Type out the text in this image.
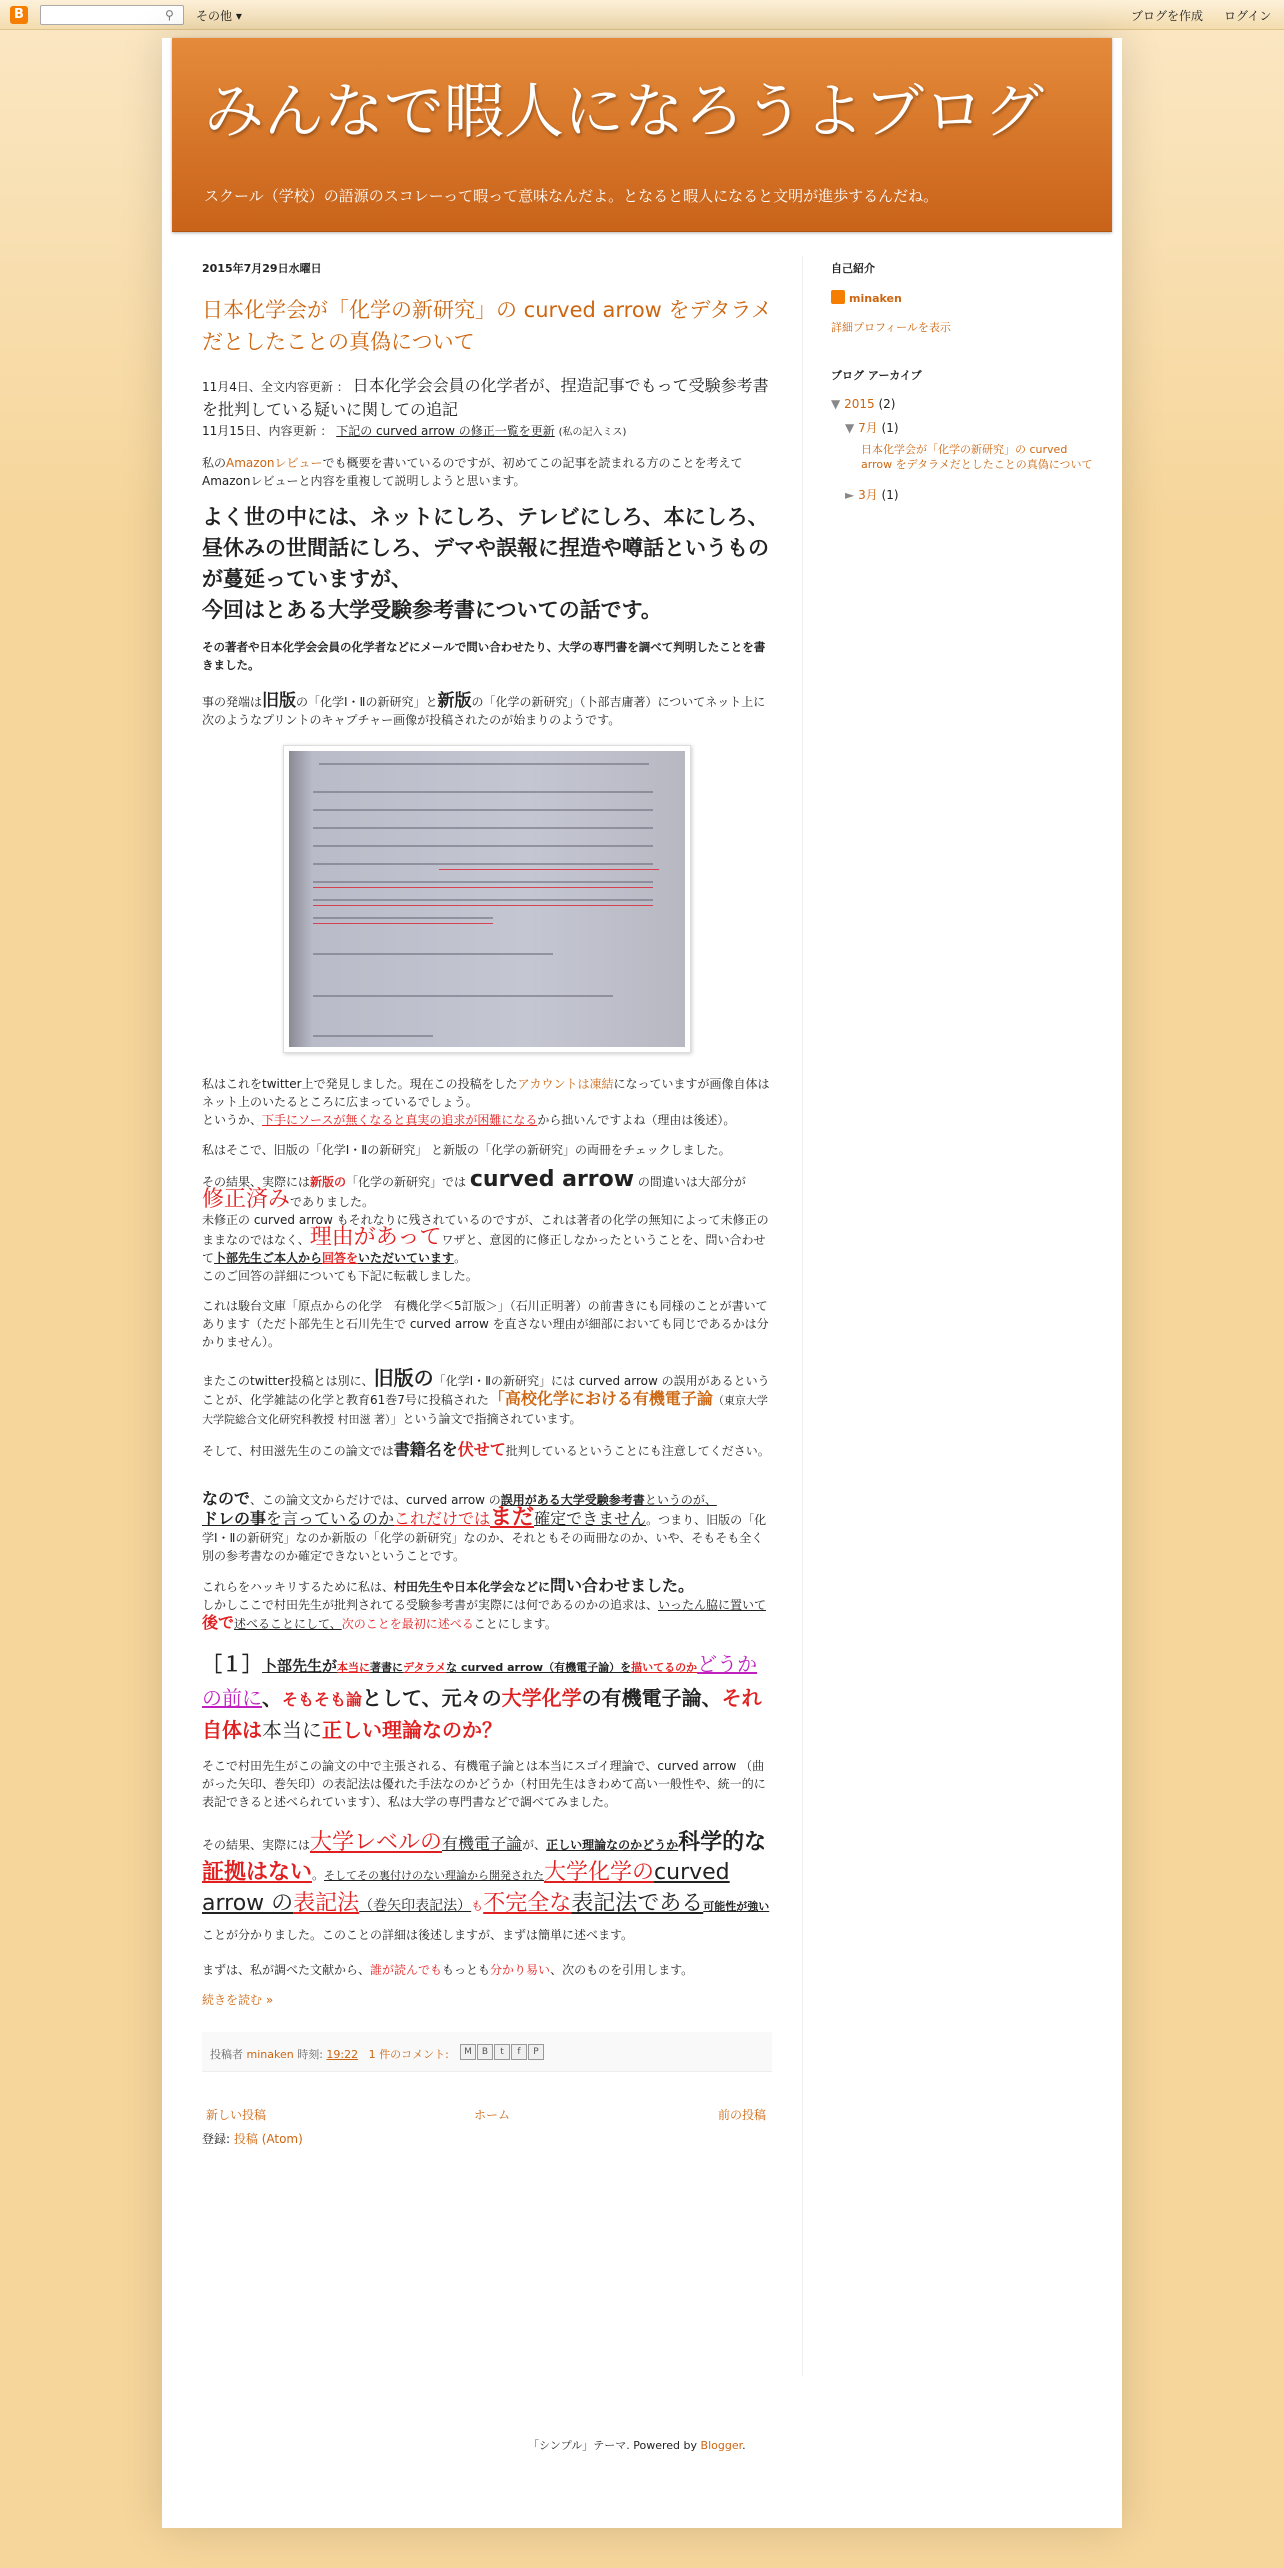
B	⚲	その他 ▾	ブログを作成 ログイン
みんなで暇人になろうよブログ
スクール（学校）の語源のスコレーって暇って意味なんだよ。となると暇人になると文明が進歩するんだね。
2015年7月29日水曜日
日本化学会が「化学の新研究」の curved arrow をデタラメだとしたことの真偽について
11月4日、全文内容更新 ： 日本化学会会員の化学者が、捏造記事でもって受験参考書を批判している疑いに関しての追記
11月15日、内容更新 ： 下記の curved arrow の修正一覧を更新 (私の記入ミス)

私のAmazonレビューでも概要を書いているのですが、初めてこの記事を読まれる方のことを考えてAmazonレビューと内容を重複して説明しようと思います。

よく世の中には、ネットにしろ、テレビにしろ、本にしろ、昼休みの世間話にしろ、デマや誤報に捏造や噂話というものが蔓延っていますが、
今回はとある大学受験参考書についての話です。

その著者や日本化学会会員の化学者などにメールで問い合わせたり、大学の専門書を調べて判明したことを書きました。

事の発端は旧版の「化学Ⅰ・Ⅱの新研究」と新版の「化学の新研究」（卜部吉庸著）についてネット上に次のようなプリントのキャプチャー画像が投稿されたのが始まりのようです。

私はこれをtwitter上で発見しました。現在この投稿をしたアカウントは凍結になっていますが画像自体はネット上のいたるところに広まっているでしょう。
というか、下手にソースが無くなると真実の追求が困難になるから拙いんですよね（理由は後述）。

私はそこで、旧版の「化学Ⅰ・Ⅱの新研究」 と新版の「化学の新研究」の両冊をチェックしました。

その結果、実際には新版の「化学の新研究」では curved arrow の間違いは大部分が
修正済みでありました。
未修正の curved arrow もそれなりに残されているのですが、これは著者の化学の無知によって未修正のままなのではなく、理由があってワザと、意図的に修正しなかったということを、問い合わせて卜部先生ご本人から回答をいただいています。
このご回答の詳細についても下記に転載しました。

これは駿台文庫「原点からの化学　有機化学＜5訂版＞」（石川正明著）の前書きにも同様のことが書いてあります（ただ卜部先生と石川先生で curved arrow を直さない理由が細部においても同じであるかは分かりません）。

またこのtwitter投稿とは別に、旧版の「化学Ⅰ・Ⅱの新研究」には curved arrow の誤用があるということが、化学雑誌の化学と教育61巻7号に投稿された「高校化学における有機電子論（東京大学大学院総合文化研究科教授 村田滋 著）」という論文で指摘されています。

そして、村田滋先生のこの論文では書籍名を伏せて批判しているということにも注意してください。

なので、この論文文からだけでは、curved arrow の誤用がある大学受験参考書というのが、
ドレの事を言っているのかこれだけではまだ確定できません。つまり、旧版の「化学Ⅰ・Ⅱの新研究」なのか新版の「化学の新研究」なのか、それともその両冊なのか、いや、そもそも全く別の参考書なのか確定できないということです。

これらをハッキリするために私は、村田先生や日本化学会などに問い合わせました。
しかしここで村田先生が批判されてる受験参考書が実際には何であるのかの追求は、いったん脇に置いて後で述べることにして、次のことを最初に述べることにします。

［１］卜部先生が本当に著書にデタラメな curved arrow（有機電子論）を描いてるのかどうかの前に、そもそも論として、元々の大学化学の有機電子論、それ自体は本当に正しい理論なのか？

そこで村田先生がこの論文の中で主張される、有機電子論とは本当にスゴイ理論で、curved arrow （曲がった矢印、巻矢印）の表記法は優れた手法なのかどうか（村田先生はきわめて高い一般性や、統一的に表記できると述べられています）、私は大学の専門書などで調べてみました。

その結果、実際には大学レベルの有機電子論が、正しい理論なのかどうか科学的な証拠はない。そしてその裏付けのない理論から開発された大学化学のcurved arrow の表記法（巻矢印表記法）も不完全な表記法である可能性が強いことが分かりました。このことの詳細は後述しますが、まずは簡単に述べます。

まずは、私が調べた文献から、誰が読んでももっとも分かり易い、次のものを引用します。

続きを読む »
投稿者 minaken 時刻: 19:22 1 件のコメント:	M B t f P
新しい投稿	ホーム	前の投稿
登録: 投稿 (Atom)
自己紹介
minaken
詳細プロフィールを表示
ブログ アーカイブ
▼ 2015 (2)
▼ 7月 (1)
日本化学会が「化学の新研究」の curved arrow をデタラメだとしたことの真偽について
► 3月 (1)
「シンプル」テーマ. Powered by Blogger.
